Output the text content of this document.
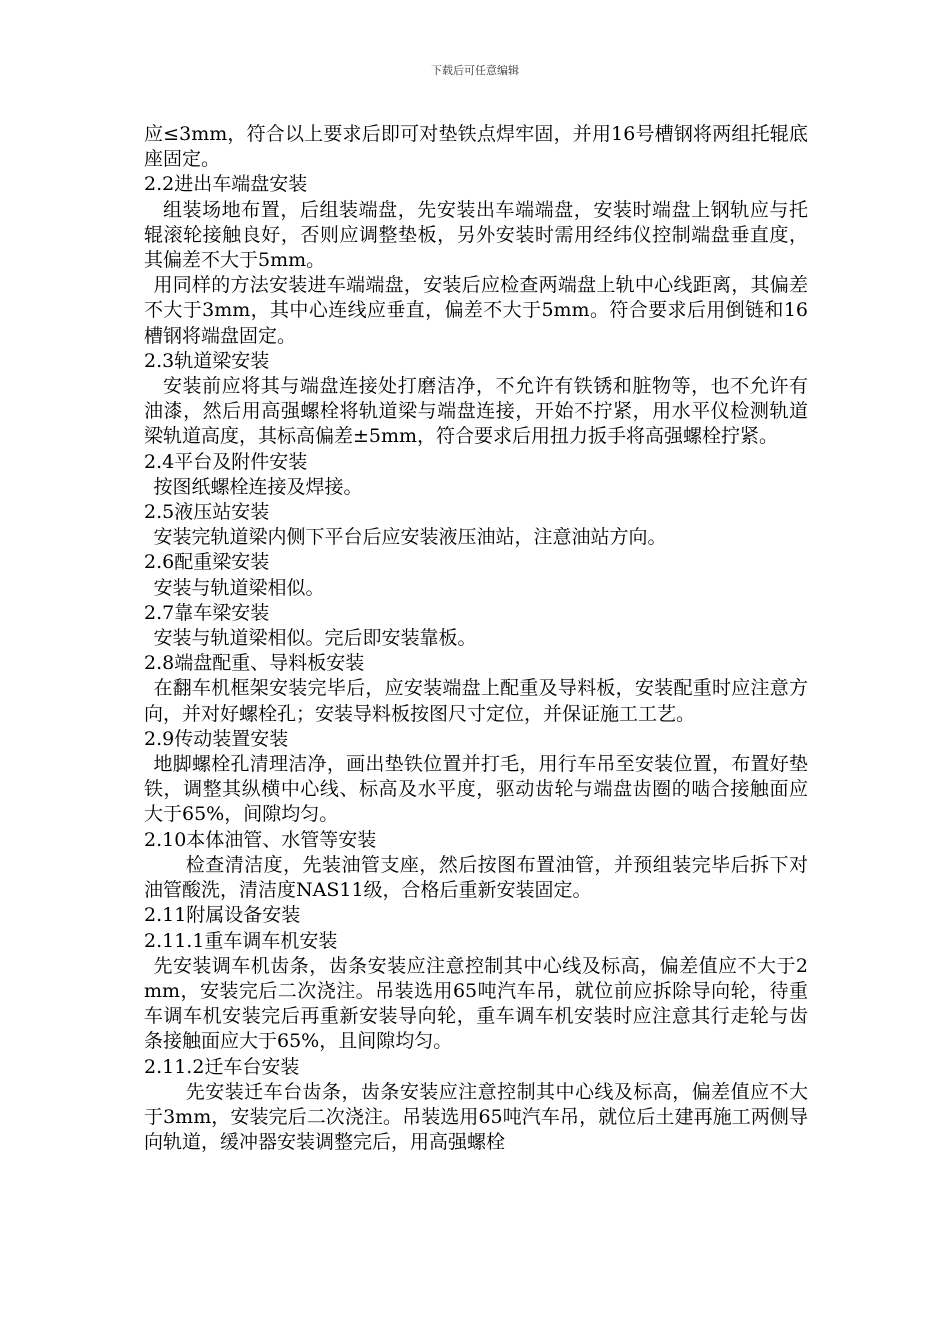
下载后可任意编辑

应≤3mm，符合以上要求后即可对垫铁点焊牢固，并用16号槽钢将两组托辊底座固定。

2.2进出车端盘安装

组装场地布置，后组装端盘，先安装出车端端盘，安装时端盘上钢轨应与托辊滚轮接触良好，否则应调整垫板，另外安装时需用经纬仪控制端盘垂直度，其偏差不大于5mm。

用同样的方法安装进车端端盘，安装后应检查两端盘上轨中心线距离，其偏差不大于3mm，其中心连线应垂直，偏差不大于5mm。符合要求后用倒链和16槽钢将端盘固定。

2.3轨道梁安装

安装前应将其与端盘连接处打磨洁净，不允许有铁锈和脏物等，也不允许有油漆，然后用高强螺栓将轨道梁与端盘连接，开始不拧紧，用水平仪检测轨道梁轨道高度，其标高偏差±5mm，符合要求后用扭力扳手将高强螺栓拧紧。

2.4平台及附件安装

按图纸螺栓连接及焊接。

2.5液压站安装

安装完轨道梁内侧下平台后应安装液压油站，注意油站方向。

2.6配重梁安装

安装与轨道梁相似。

2.7靠车梁安装

安装与轨道梁相似。完后即安装靠板。

2.8端盘配重、导料板安装

在翻车机框架安装完毕后，应安装端盘上配重及导料板，安装配重时应注意方向，并对好螺栓孔；安装导料板按图尺寸定位，并保证施工工艺。

2.9传动装置安装

地脚螺栓孔清理洁净，画出垫铁位置并打毛，用行车吊至安装位置，布置好垫铁，调整其纵横中心线、标高及水平度，驱动齿轮与端盘齿圈的啮合接触面应大于65%，间隙均匀。

2.10本体油管、水管等安装

检查清洁度，先装油管支座，然后按图布置油管，并预组装完毕后拆下对油管酸洗，清洁度NAS11级，合格后重新安装固定。

2.11附属设备安装

2.11.1重车调车机安装

先安装调车机齿条，齿条安装应注意控制其中心线及标高，偏差值应不大于2mm，安装完后二次浇注。吊装选用65吨汽车吊，就位前应拆除导向轮，待重车调车机安装完后再重新安装导向轮，重车调车机安装时应注意其行走轮与齿条接触面应大于65%，且间隙均匀。

2.11.2迁车台安装

先安装迁车台齿条，齿条安装应注意控制其中心线及标高，偏差值应不大于3mm，安装完后二次浇注。吊装选用65吨汽车吊，就位后土建再施工两侧导向轨道，缓冲器安装调整完后，用高强螺栓
